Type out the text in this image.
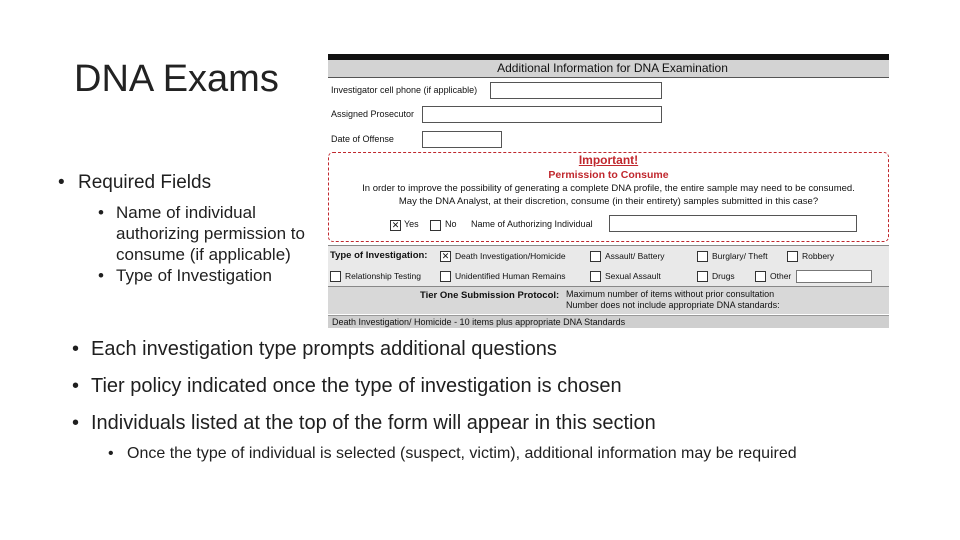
DNA Exams
• Required Fields
• Name of individual authorizing permission to consume (if applicable)
• Type of Investigation
Additional Information for DNA Examination
Investigator cell phone (if applicable)
Assigned Prosecutor
Date of Offense
Important!
Permission to Consume
In order to improve the possibility of generating a complete DNA profile, the entire sample may need to be consumed.
May the DNA Analyst, at their discretion, consume (in their entirety) samples submitted in this case?
✕
Yes	No Name of Authorizing Individual
Type of Investigation:
✕	Death Investigation/Homicide	Assault/ Battery	Burglary/ Theft	Robbery
Relationship Testing	Unidentified Human Remains	Sexual Assault	Drugs	Other
Tier One Submission Protocol: Maximum number of items without prior consultation
Number does not include appropriate DNA standards:
Death Investigation/ Homicide - 10 items plus appropriate DNA Standards
• Each investigation type prompts additional questions
• Tier policy indicated once the type of investigation is chosen
• Individuals listed at the top of the form will appear in this section
• Once the type of individual is selected (suspect, victim), additional information may be required
